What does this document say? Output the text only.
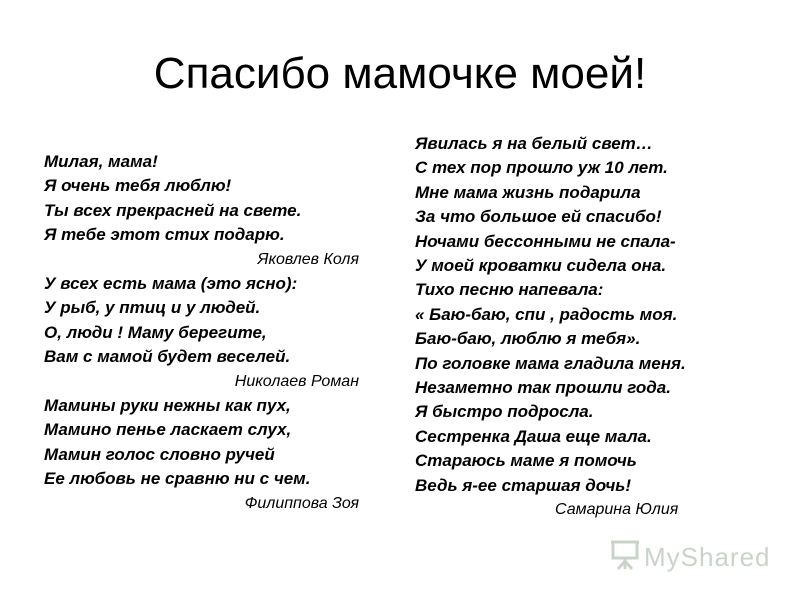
Спасибо мамочке моей!
Милая, мама!
Я очень тебя люблю!
Ты всех прекрасней на свете.
Я тебе этот стих подарю.
Яковлев Коля
У всех есть мама (это ясно):
У рыб, у птиц и у людей.
О, люди ! Маму берегите,
Вам с мамой будет веселей.
Николаев Роман
Мамины руки нежны как пух,
Мамино пенье ласкает слух,
Мамин голос словно ручей
Ее любовь не сравню ни с чем.
Филиппова Зоя
Явилась я на белый свет…
С тех пор прошло уж 10 лет.
Мне мама жизнь подарила
За что большое ей спасибо!
Ночами бессонными не спала-
У моей кроватки сидела она.
Тихо песню напевала:
« Баю-баю, спи , радость моя.
Баю-баю, люблю я тебя».
По головке мама гладила меня.
Незаметно так прошли года.
Я быстро подросла.
Сестренка Даша еще мала.
Стараюсь маме я помочь
Ведь я-ее старшая дочь!
Самарина Юлия
MyShared
